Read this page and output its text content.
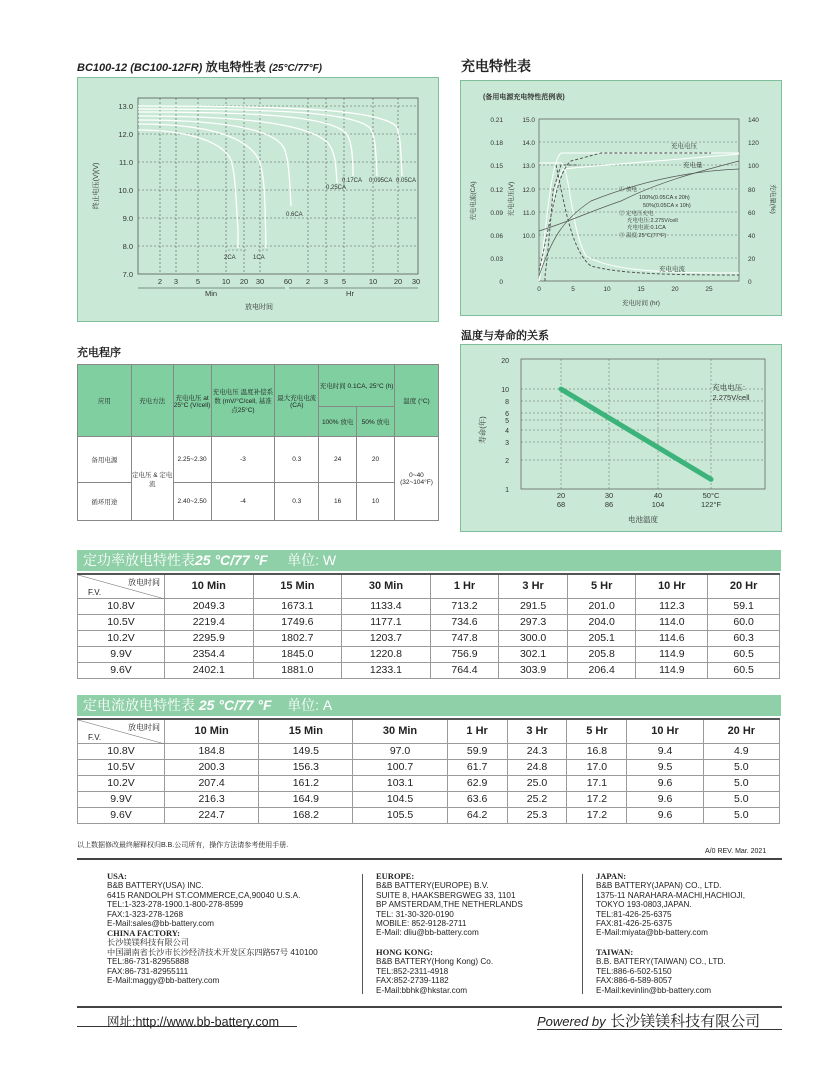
BC100-12 (BC100-12FR) 放电特性表 (25°C/77°F)	充电特性表
2CA	1CA
0.6CA
0.25CA
0.17CA 0.095CA 0.05CA
13.0
12.0
11.0
10.0
9.0
8.0
7.0
终止电压(V)(V)
2 3 5	10 20 30	60 2 3 5	10 20 30
Min	Hr
放电时间
(备用电源充电特性范例表)
0.21
0.18
0.15
0.12
0.09
0.06
0.03
0
15.0
14.0
13.0
12.0
11.0
10.0
140
120
100
80
60
40
20
0
0	5	10	15	20	25
充电时间 (hr)
充电电流(CA)	充电电压(V)	充电量(%)
充电电压
充电量
充电电流
① 放电
100%(0.05CA x 20h)
50%(0.05CA x 10h)
② 定电压充电
充电电压:2.275V/cell
充电电流:0.1CA
③ 温度:25°C(77°F)
温度与寿命的关系
20
10
8
6
5
4
3
2
1
寿命(年)
20	30	40	50°C
68	86	104	122°F
电池温度
充电电压：
2.275V/cell
充电程序
应用	充电方法	充电电压 at 25°C (V/cell)	充电电压 温度补偿系数 (mV/°C/cell, 基准点25°C)	最大充电电流 (CA)	充电时间 0.1CA, 25°C (h)		温度 (°C)
					100% 放电	50% 放电	
备用电源	定电压 & 定电流	2.25~2.30	-3	0.3	24	20	0~40 (32~104°F)
循环用途		2.40~2.50	-4	0.3	16	10	
定功率放电特性表25 °C/77 °F 单位: W
放电时间
F.V.	10 Min	15 Min	30 Min	1 Hr	3 Hr	5 Hr	10 Hr	20 Hr
10.8V	2049.3	1673.1	1133.4	713.2	291.5	201.0	112.3	59.1
10.5V	2219.4	1749.6	1177.1	734.6	297.3	204.0	114.0	60.0
10.2V	2295.9	1802.7	1203.7	747.8	300.0	205.1	114.6	60.3
9.9V	2354.4	1845.0	1220.8	756.9	302.1	205.8	114.9	60.5
9.6V	2402.1	1881.0	1233.1	764.4	303.9	206.4	114.9	60.5
定电流放电特性表 25 °C/77 °F 单位: A
放电时间
F.V.	10 Min	15 Min	30 Min	1 Hr	3 Hr	5 Hr	10 Hr	20 Hr
10.8V	184.8	149.5	97.0	59.9	24.3	16.8	9.4	4.9
10.5V	200.3	156.3	100.7	61.7	24.8	17.0	9.5	5.0
10.2V	207.4	161.2	103.1	62.9	25.0	17.1	9.6	5.0
9.9V	216.3	164.9	104.5	63.6	25.2	17.2	9.6	5.0
9.6V	224.7	168.2	105.5	64.2	25.3	17.2	9.6	5.0
以上数据修改最终解释权归B.B.公司所有，操作方法请参考使用手册.
A/0 REV. Mar. 2021
USA:
B&B BATTERY(USA) INC.
6415 RANDOLPH ST.COMMERCE,CA,90040 U.S.A.
TEL:1-323-278-1900.1-800-278-8599
FAX:1-323-278-1268
E-Mail:sales@bb-battery.com
CHINA FACTORY:
长沙镁镁科技有限公司
中国湖南省长沙市长沙经济技术开发区东四路57号 410100
TEL:86-731-82955888
FAX:86-731-82955111
E-Mail:maggy@bb-battery.com
EUROPE:
B&B BATTERY(EUROPE) B.V.
SUITE 8, HAAKSBERGWEG 33, 1101
BP AMSTERDAM,THE NETHERLANDS
TEL: 31-30-320-0190
MOBILE: 852-9128-2711
E-Mail: dliu@bb-battery.com
HONG KONG:
B&B BATTERY(Hong Kong) Co.
TEL:852-2311-4918
FAX:852-2739-1182
E-Mail:bbhk@hkstar.com
JAPAN:
B&B BATTERY(JAPAN) CO., LTD.
1375-11 NARAHARA-MACHI,HACHIOJI,
TOKYO 193-0803,JAPAN.
TEL:81-426-25-6375
FAX:81-426-25-6375
E-Mail:miyata@bb-battery.com
TAIWAN:
B.B. BATTERY(TAIWAN) CO., LTD.
TEL:886-6-502-5150
FAX:886-6-589-8057
E-Mail:kevinlin@bb-battery.com
网址:http://www.bb-battery.com	Powered by 长沙镁镁科技有限公司
